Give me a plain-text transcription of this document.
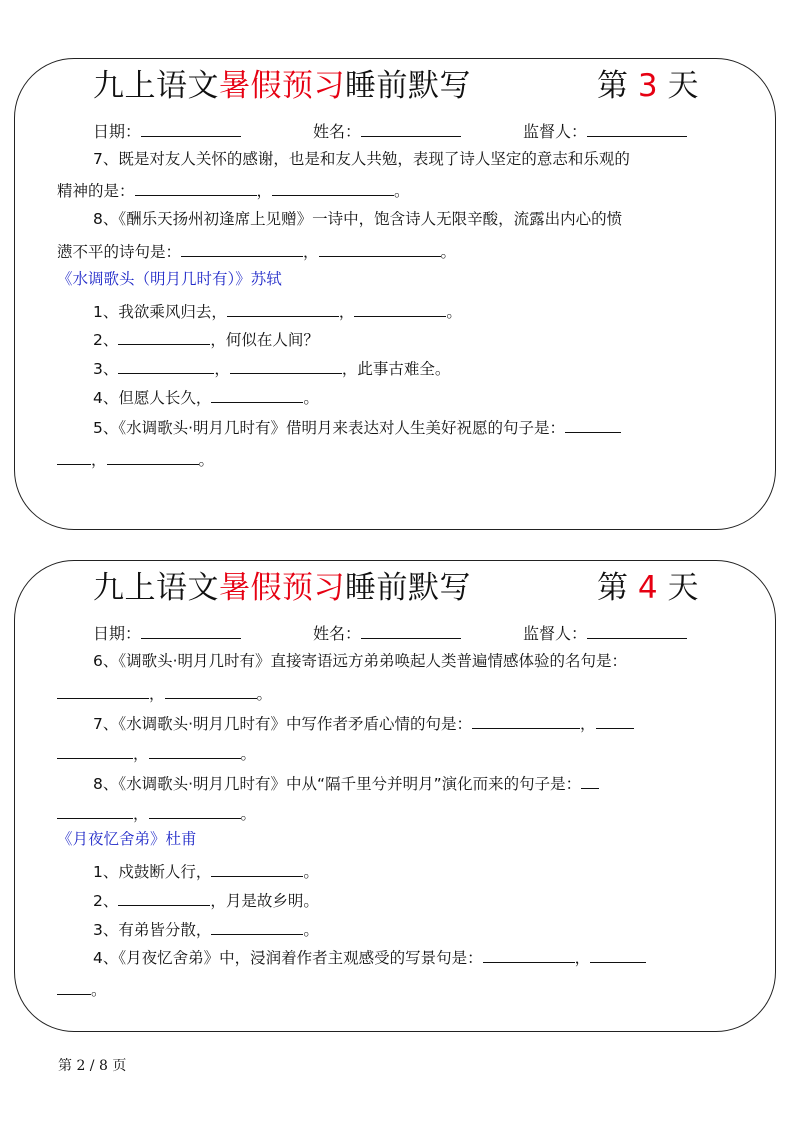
九上语文暑假预习睡前默写	第 3 天
日期：	姓名：	监督人：
7、既是对友人关怀的感谢，也是和友人共勉，表现了诗人坚定的意志和乐观的
精神的是：	，	。
8、《酬乐天扬州初逢席上见赠》一诗中，饱含诗人无限辛酸，流露出内心的愤
懑不平的诗句是：	，	。
《水调歌头（明月几时有）》苏轼
1、我欲乘风归去，	，	。
2、	，何似在人间？
3、	，	，此事古难全。
4、但愿人长久，	。
5、《水调歌头·明月几时有》借明月来表达对人生美好祝愿的句子是：
，	。
九上语文暑假预习睡前默写	第 4 天
日期：	姓名：	监督人：
6、《调歌头·明月几时有》直接寄语远方弟弟唤起人类普遍情感体验的名句是：
，	。
7、《水调歌头·明月几时有》中写作者矛盾心情的句是：	，
，	。
8、《水调歌头·明月几时有》中从“隔千里兮并明月”演化而来的句子是：
，	。
《月夜忆舍弟》杜甫
1、戍鼓断人行，	。
2、	，月是故乡明。
3、有弟皆分散，	。
4、《月夜忆舍弟》中，浸润着作者主观感受的写景句是：	，
。
第 2 / 8 页
